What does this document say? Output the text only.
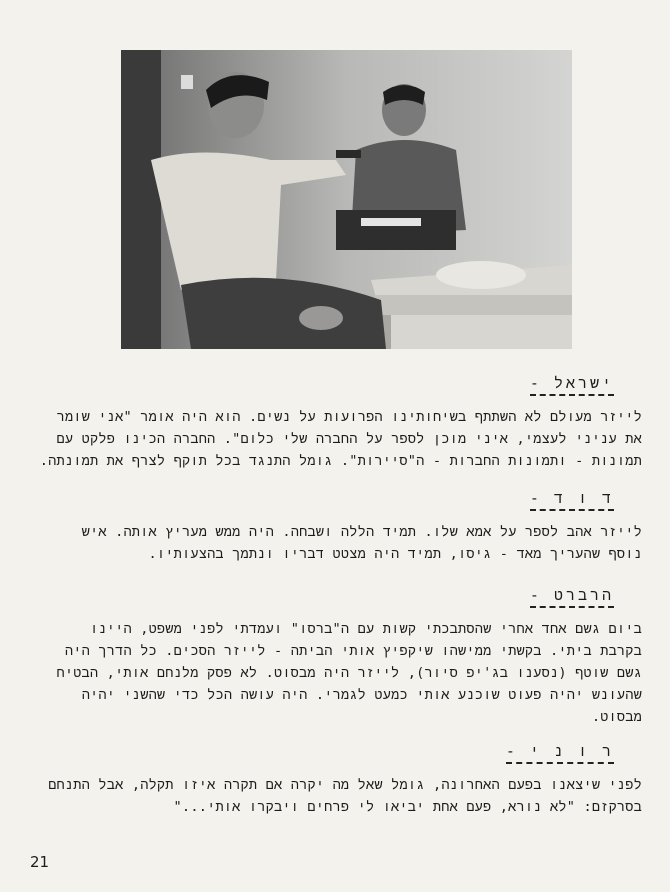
ישראל -
לייזר מעולם לא השתתף בשיחותינו הפרועות על נשים. הוא היה אומר "אני שומר
את עניני לעצמי, איני מוכן לספר על החברה שלי כלום". החברה הכינו פלקט עם
תמונות - ותמונות החברות - ה"סיירות". גומל התנגד בכל תוקף לצרף את תמונתה.
ד ו ד -
לייזר אהב לספר על אמא שלו. תמיד הללה ושבחה. היה ממש מעריץ אותה. איש
נוסף שהעריך מאד - גיסו, תמיד היה מצטט דבריו ונתמך בהצעותיו.
הרברט -
ביום גשם אחד אחרי שהסתבכתי קשות עם ה"ברסו" ועמדתי לפני משפט, היינו
בקרבת ביתי. בקשתי ממישהו שיקפיץ אותי הביתה - לייזר הסכים. כל הדרך היה
גשם שוטף (נסענו בג'יפ סיור), לייזר היה מבסוט. לא פסק מלנחם אותי, הבטיח
שהעונש יהיה פעוט שוכנע אותי כמעט לגמרי. היה עושה הכל כדי שהשני יהיה
מבסוט.
ר ו נ י -
לפני שיצאנו בפעם האחרונה, גומל שאל מה יקרה אם תקרה איזו תקלה, אבל התנחם
בסרקזם: "לא נורא, פעם אחת יביאו לי פרחים ויבקרו אותי..."
21
